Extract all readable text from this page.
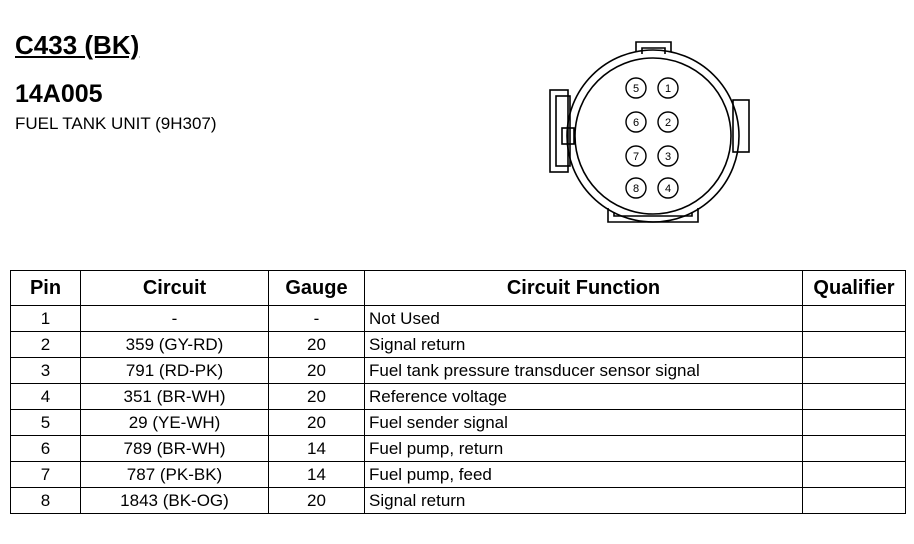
C433 (BK)
14A005

FUEL TANK UNIT (9H307)

5 1
6 2
7 3
8 4
Pin	Circuit	Gauge	Circuit Function	Qualifier
1	-	-	Not Used	
2	359 (GY-RD)	20	Signal return	
3	791 (RD-PK)	20	Fuel tank pressure transducer sensor signal	
4	351 (BR-WH)	20	Reference voltage	
5	29 (YE-WH)	20	Fuel sender signal	
6	789 (BR-WH)	14	Fuel pump, return	
7	787 (PK-BK)	14	Fuel pump, feed	
8	1843 (BK-OG)	20	Signal return	
